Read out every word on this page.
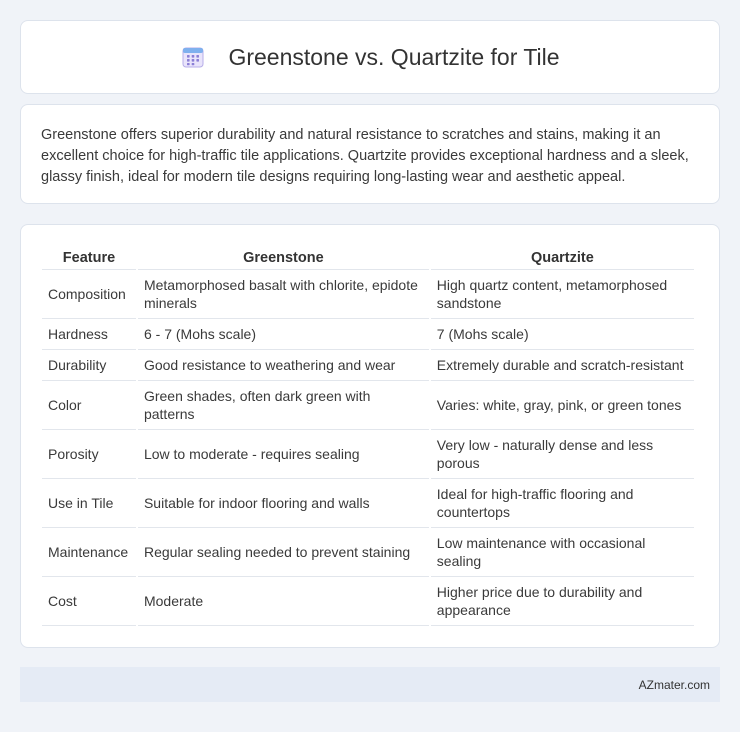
Greenstone vs. Quartzite for Tile

Greenstone offers superior durability and natural resistance to scratches and stains, making it an excellent choice for high-traffic tile applications. Quartzite provides exceptional hardness and a sleek, glassy finish, ideal for modern tile designs requiring long-lasting wear and aesthetic appeal.

Feature	Greenstone	Quartzite
Composition	Metamorphosed basalt with chlorite, epidote minerals	High quartz content, metamorphosed sandstone
Hardness	6 - 7 (Mohs scale)	7 (Mohs scale)
Durability	Good resistance to weathering and wear	Extremely durable and scratch-resistant
Color	Green shades, often dark green with patterns	Varies: white, gray, pink, or green tones
Porosity	Low to moderate - requires sealing	Very low - naturally dense and less porous
Use in Tile	Suitable for indoor flooring and walls	Ideal for high-traffic flooring and countertops
Maintenance	Regular sealing needed to prevent staining	Low maintenance with occasional sealing
Cost	Moderate	Higher price due to durability and appearance
AZmater.com
